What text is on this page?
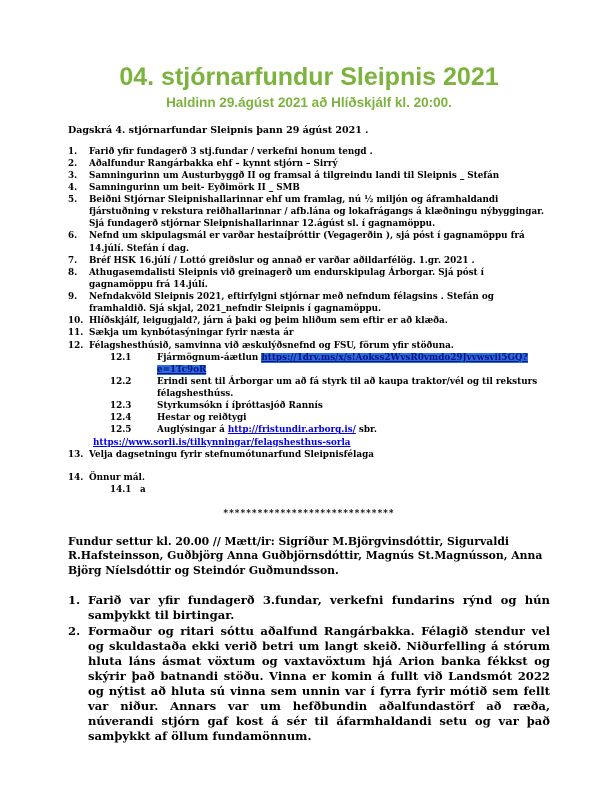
04. stjórnarfundur Sleipnis 2021
Haldinn 29.ágúst 2021 að Hlíðskjálf kl. 20:00.
Dagskrá 4. stjórnarfundar Sleipnis þann 29 ágúst 2021 .
1.	Farið yfir fundagerð 3 stj.fundar / verkefni honum tengd .
2.	Aðalfundur Rangárbakka ehf – kynnt stjórn – Sirrý
3.	Samningurinn um Austurbyggð II og framsal á tilgreindu landi til Sleipnis _ Stefán
4.	Samningurinn um beit- Eyðimörk II _ SMB
5.	Beiðni Stjórnar Sleipnishallarinnar ehf um framlag, nú ½ miljón og áframhaldandi fjárstuðning v rekstura reiðhallarinnar / afb.lána og lokafrágangs á klæðningu nýbyggingar. Sjá fundagerð stjórnar Sleipnishallarinnar 12.ágúst sl. í gagnamöppu.
6.	Nefnd um skipulagsmál er varðar hestaíþróttir (Vegagerðin ), sjá póst í gagnamöppu frá 14.júlí. Stefán í dag.
7.	Bréf HSK 16.júlí / Lottó greiðslur og annað er varðar aðildarfélög. 1.gr. 2021 .
8.	Athugasemdalisti Sleipnis við greinagerð um endurskipulag Árborgar. Sjá póst í gagnamöppu frá 14.júlí.
9.	Nefndakvöld Sleipnis 2021, eftirfylgni stjórnar með nefndum félagsins . Stefán og framhaldið. Sjá skjal, 2021_nefndir Sleipnis í gagnamöppu.
10. Hlíðskjálf, leigugjald?, járn á þaki og þeim hliðum sem eftir er að klæða.
11. Sækja um kynbótasýningar fyrir næsta ár
12. Félagshesthúsið, samvinna við æskulýðsnefnd og FSU, förum yfir stöðuna.
12.1	Fjármögnum-áætlun https://1drv.ms/x/s!Aokss2WvsR0vmdo29Jvvwsvii5GQ?e=1Tc9oR
12.2	Erindi sent til Árborgar um að fá styrk til að kaupa traktor/vél og til reksturs félagshesthúss.
12.3	Styrkumsókn í íþróttasjóð Rannís
12.4	Hestar og reiðtygi
12.5	Auglýsingar á http://fristundir.arborg.is/ sbr.
https://www.sorli.is/tilkynningar/felagshesthus-sorla
13. Velja dagsetningu fyrir stefnumótunarfund Sleipnisfélaga
14. Önnur mál.
14.1 a
******************************
Fundur settur kl. 20.00 // Mætt/ir: Sigríður M.Björgvinsdóttir, Sigurvaldi R.Hafsteinsson, Guðbjörg Anna Guðbjörnsdóttir, Magnús St.Magnússon, Anna Björg Níelsdóttir og Steindór Guðmundsson.
1. Farið var yfir fundagerð 3.fundar, verkefni fundarins rýnd og hún samþykkt til birtingar.
2. Formaður og ritari sóttu aðalfund Rangárbakka. Félagið stendur vel og skuldastaða ekki verið betri um langt skeið. Niðurfelling á stórum hluta láns ásmat vöxtum og vaxtavöxtum hjá Arion banka fékkst og skýrir það batnandi stöðu. Vinna er komin á fullt við Landsmót 2022 og nýtist að hluta sú vinna sem unnin var í fyrra fyrir mótið sem fellt var niður. Annars var um hefðbundin aðalfundastörf að ræða, núverandi stjórn gaf kost á sér til áfarmhaldandi setu og var það samþykkt af öllum fundamönnum.
